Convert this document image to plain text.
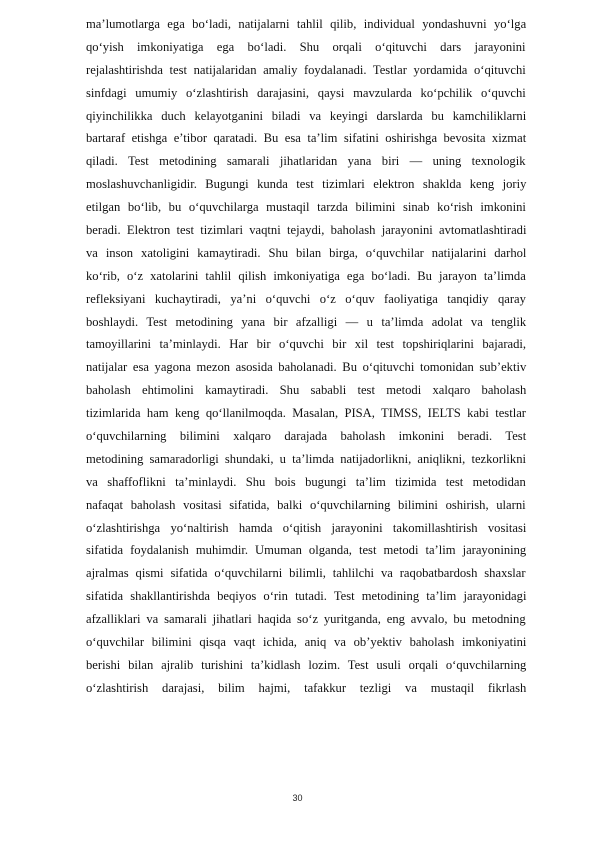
ma’lumotlarga ega bo‘ladi, natijalarni tahlil qilib, individual yondashuvni yo‘lga
qo‘yish imkoniyatiga ega bo‘ladi. Shu orqali o‘qituvchi dars jarayonini
rejalashtirishda test natijalaridan amaliy foydalanadi. Testlar yordamida o‘qituvchi
sinfdagi umumiy o‘zlashtirish darajasini, qaysi mavzularda ko‘pchilik o‘quvchi
qiyinchilikka duch kelayotganini biladi va keyingi darslarda bu kamchiliklarni
bartaraf etishga e’tibor qaratadi. Bu esa ta’lim sifatini oshirishga bevosita xizmat
qiladi. Test metodining samarali jihatlaridan yana biri — uning texnologik
moslashuvchanligidir. Bugungi kunda test tizimlari elektron shaklda keng joriy
etilgan bo‘lib, bu o‘quvchilarga mustaqil tarzda bilimini sinab ko‘rish imkonini
beradi. Elektron test tizimlari vaqtni tejaydi, baholash jarayonini avtomatlashtiradi
va inson xatoligini kamaytiradi. Shu bilan birga, o‘quvchilar natijalarini darhol
ko‘rib, o‘z xatolarini tahlil qilish imkoniyatiga ega bo‘ladi. Bu jarayon ta’limda
refleksiyani kuchaytiradi, ya’ni o‘quvchi o‘z o‘quv faoliyatiga tanqidiy qaray
boshlaydi. Test metodining yana bir afzalligi — u ta’limda adolat va tenglik
tamoyillarini ta’minlaydi. Har bir o‘quvchi bir xil test topshiriqlarini bajaradi,
natijalar esa yagona mezon asosida baholanadi. Bu o‘qituvchi tomonidan sub’ektiv
baholash ehtimolini kamaytiradi. Shu sababli test metodi xalqaro baholash
tizimlarida ham keng qo‘llanilmoqda. Masalan, PISA, TIMSS, IELTS kabi testlar
o‘quvchilarning bilimini xalqaro darajada baholash imkonini beradi. Test
metodining samaradorligi shundaki, u ta’limda natijadorlikni, aniqlikni, tezkorlikni
va shaffoflikni ta’minlaydi. Shu bois bugungi ta’lim tizimida test metodidan
nafaqat baholash vositasi sifatida, balki o‘quvchilarning bilimini oshirish, ularni
o‘zlashtirishga yo‘naltirish hamda o‘qitish jarayonini takomillashtirish vositasi
sifatida foydalanish muhimdir. Umuman olganda, test metodi ta’lim jarayonining
ajralmas qismi sifatida o‘quvchilarni bilimli, tahlilchi va raqobatbardosh shaxslar
sifatida shakllantirishda beqiyos o‘rin tutadi. Test metodining ta’lim jarayonidagi
afzalliklari va samarali jihatlari haqida so‘z yuritganda, eng avvalo, bu metodning
o‘quvchilar bilimini qisqa vaqt ichida, aniq va ob’yektiv baholash imkoniyatini
berishi bilan ajralib turishini ta’kidlash lozim. Test usuli orqali o‘quvchilarning
o‘zlashtirish darajasi, bilim hajmi, tafakkur tezligi va mustaqil fikrlash
30
